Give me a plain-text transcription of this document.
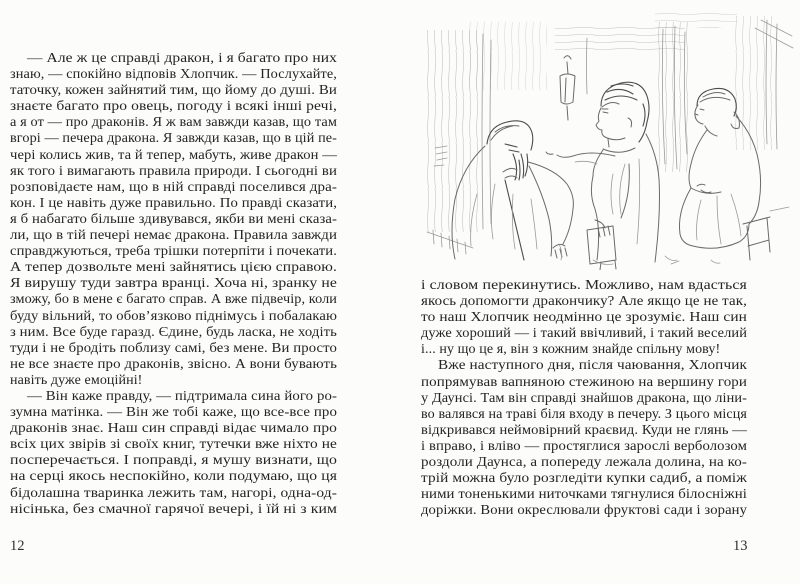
— Але ж це справді дракон, і я багато про них
знаю, — спокійно відповів Хлопчик. — Послухайте,
таточку, кожен зайнятий тим, що йому до душі. Ви
знаєте багато про овець, погоду і всякі інші речі,
а я от — про драконів. Я ж вам завжди казав, що там
вгорі — печера дракона. Я завжди казав, що в цій пе-
чері колись жив, та й тепер, мабуть, живе дракон —
як того і вимагають правила природи. І сьогодні ви
розповідаєте нам, що в ній справді поселився дра-
кон. І це навіть дуже правильно. По правді сказати,
я б набагато більше здивувався, якби ви мені сказа-
ли, що в тій печері немає дракона. Правила завжди
справджуються, треба трішки потерпіти і почекати.
А тепер дозвольте мені зайнятись цією справою.
Я вирушу туди завтра вранці. Хоча ні, зранку не
зможу, бо в мене є багато справ. А вже підвечір, коли
буду вільний, то обов’язково піднімусь і побалакаю
з ним. Все буде гаразд. Єдине, будь ласка, не ходіть
туди і не бродіть поблизу самі, без мене. Ви просто
не все знаєте про драконів, звісно. А вони бувають
навіть дуже емоційні!
— Він каже правду, — підтримала сина його ро-
зумна матінка. — Він же тобі каже, що все-все про
драконів знає. Наш син справді відає чимало про
всіх цих звірів зі своїх книг, тутечки вже ніхто не
посперечається. І поправді, я мушу визнати, що
на серці якось неспокійно, коли подумаю, що ця
бідолашна тваринка лежить там, нагорі, одна-од-
нісінька, без смачної гарячої вечері, і їй ні з ким
12
і словом перекинутись. Можливо, нам вдасться
якось допомогти дракончику? Але якщо це не так,
то наш Хлопчик неодмінно це зрозуміє. Наш син
дуже хороший — і такий ввічливий, і такий веселий
і... ну що це я, він з кожним знайде спільну мову!
Вже наступного дня, після чаювання, Хлопчик
попрямував вапняною стежиною на вершину гори
у Даунсі. Там він справді знайшов дракона, що ліни-
во валявся на траві біля входу в печеру. З цього місця
відкривався неймовірний краєвид. Куди не глянь —
і вправо, і вліво — простяглися зарослі верболозом
роздоли Даунса, а попереду лежала долина, на ко-
трій можна було розгледіти купки садиб, а поміж
ними тоненькими ниточками тягнулися білосніжні
доріжки. Вони окреслювали фруктові сади і зорану
13
